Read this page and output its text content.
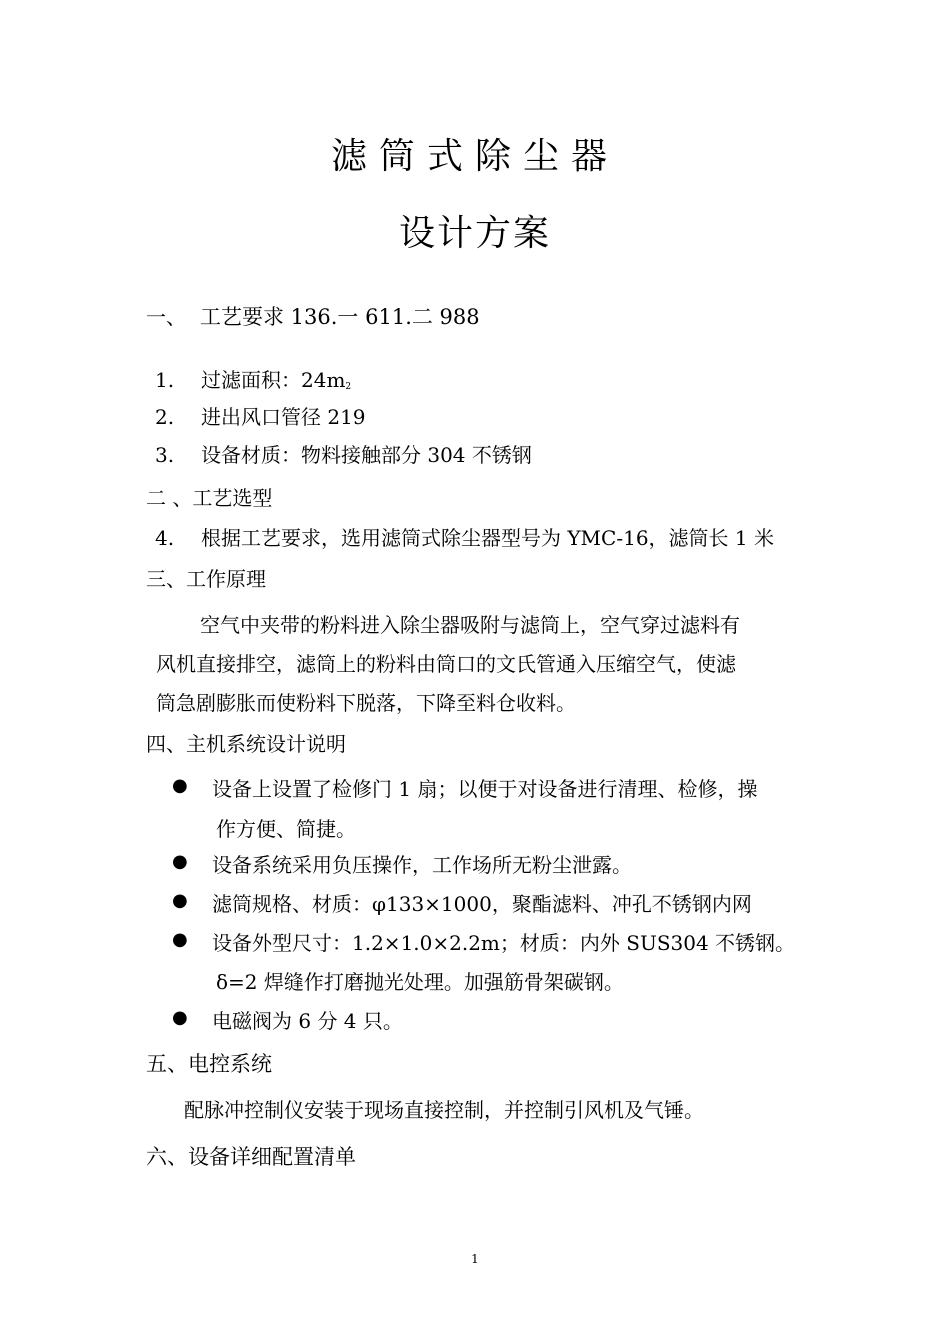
滤筒式除尘器
设计方案
一、 工艺要求 136.一 611.二 988
1. 过滤面积：$24m^2$
2. 进出风口管径 219
3. 设备材质：物料接触部分 304 不锈钢
二 、工艺选型
4. 根据工艺要求，选用滤筒式除尘器型号为 YMC-16，滤筒长 1 米
三、工作原理
空气中夹带的粉料进入除尘器吸附与滤筒上，空气穿过滤料有
风机直接排空，滤筒上的粉料由筒口的文氏管通入压缩空气，使滤
筒急剧膨胀而使粉料下脱落，下降至料仓收料。
四、主机系统设计说明
● 设备上设置了检修门 1 扇；以便于对设备进行清理、检修，操
作方便、简捷。
● 设备系统采用负压操作，工作场所无粉尘泄露。
● 滤筒规格、材质：φ133×1000，聚酯滤料、冲孔不锈钢内网
● 设备外型尺寸：1.2×1.0×2.2m；材质：内外 SUS304 不锈钢。
δ=2 焊缝作打磨抛光处理。加强筋骨架碳钢。
● 电磁阀为 6 分 4 只。
五、电控系统
配脉冲控制仪安装于现场直接控制，并控制引风机及气锤。
六、设备详细配置清单
1
